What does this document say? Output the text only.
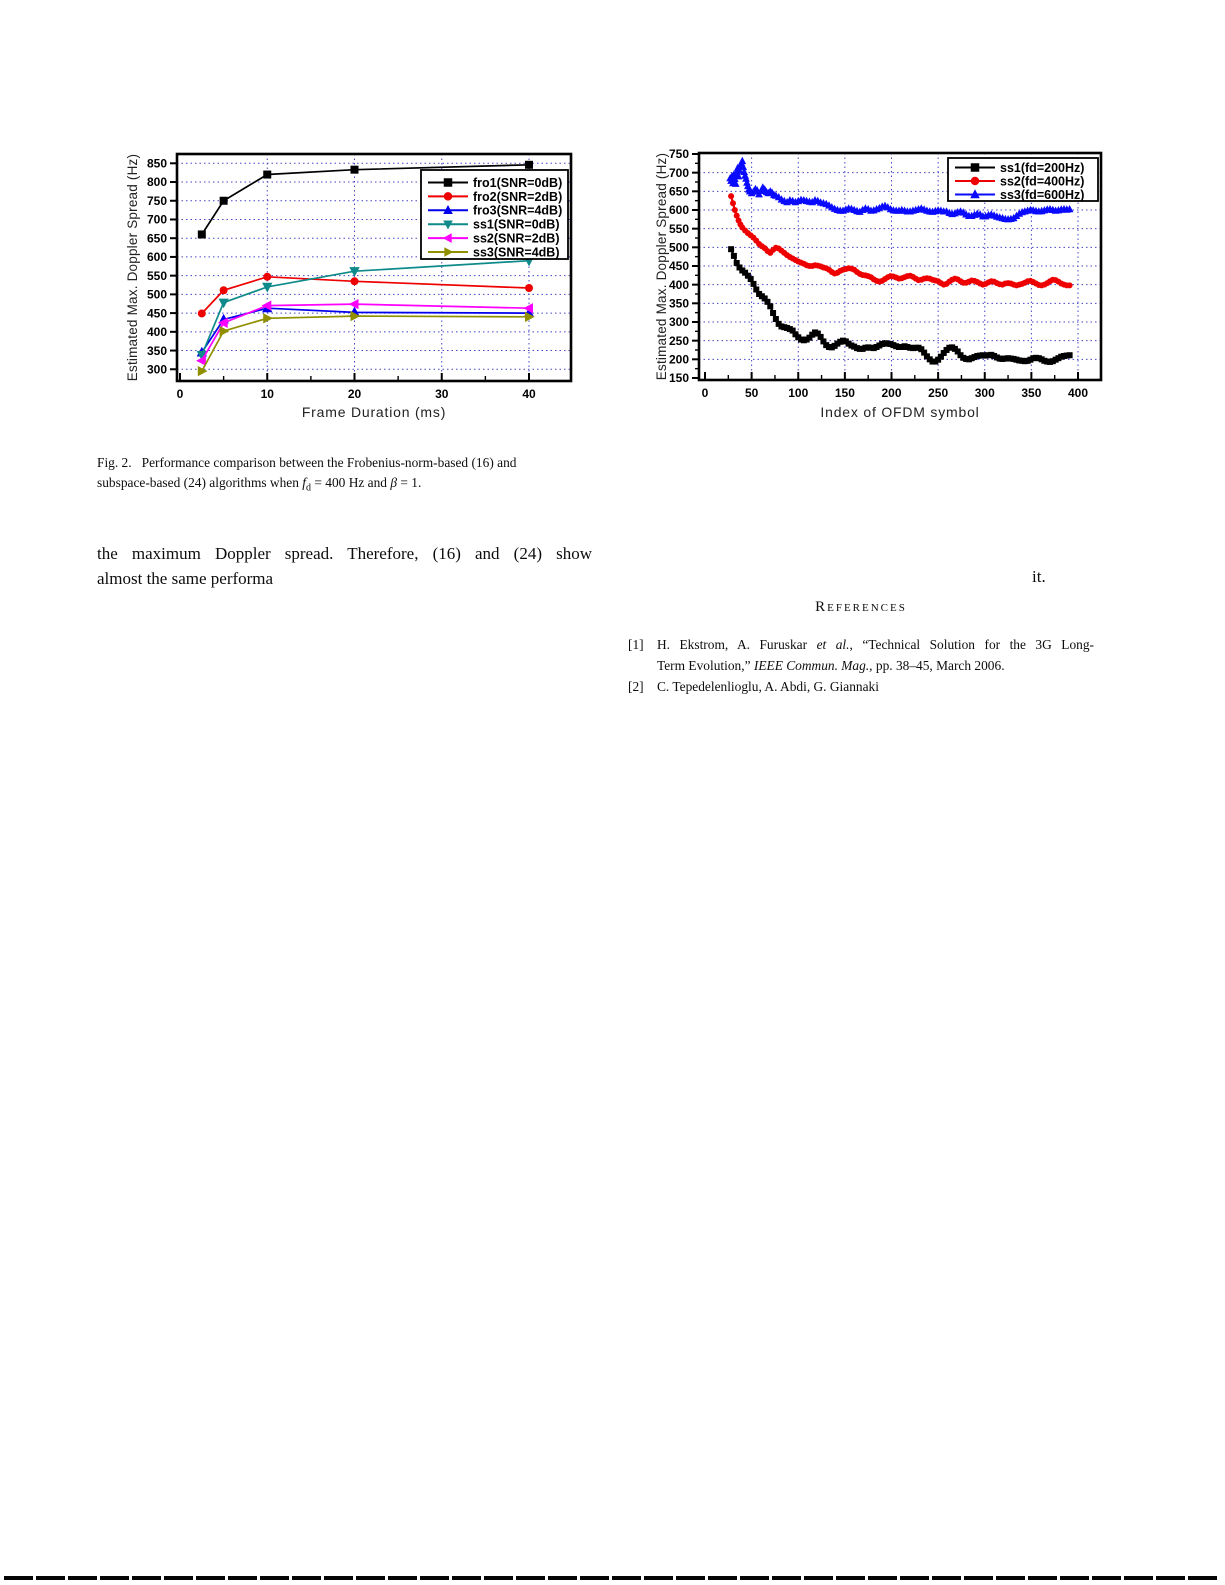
0	10	20	30	40
300
350
400
450
500
550
600
650
700
750
800
850
Frame Duration (ms)
Estimated Max. Doppler Spread (Hz)	fro1(SNR=0dB)
fro2(SNR=2dB)
fro3(SNR=4dB)
ss1(SNR=0dB)
ss2(SNR=2dB)
ss3(SNR=4dB)
0	50 100 150 200 250 300 350 400
150
200
250
300
350
400
450
500
550
600
650
700
750
Index of OFDM symbol
Estimated Max. Doppler Spread (Hz)	ss1(fd=200Hz)
ss2(fd=400Hz)
ss3(fd=600Hz)
Fig. 2.   Performance comparison between the Frobenius-norm-based (16) and
subspace-based (24) algorithms when $f_d = 400$ Hz and β = 1.
the maximum Doppler spread. Therefore, (16) and (24) show
almost the same performa	it.
References
[1] H. Ekstrom, A. Furuskar et al., “Technical Solution for the 3G Long-
Term Evolution,” IEEE Commun. Mag., pp. 38–45, March 2006.
[2] C. Tepedelenlioglu, A. Abdi, G. Giannaki
